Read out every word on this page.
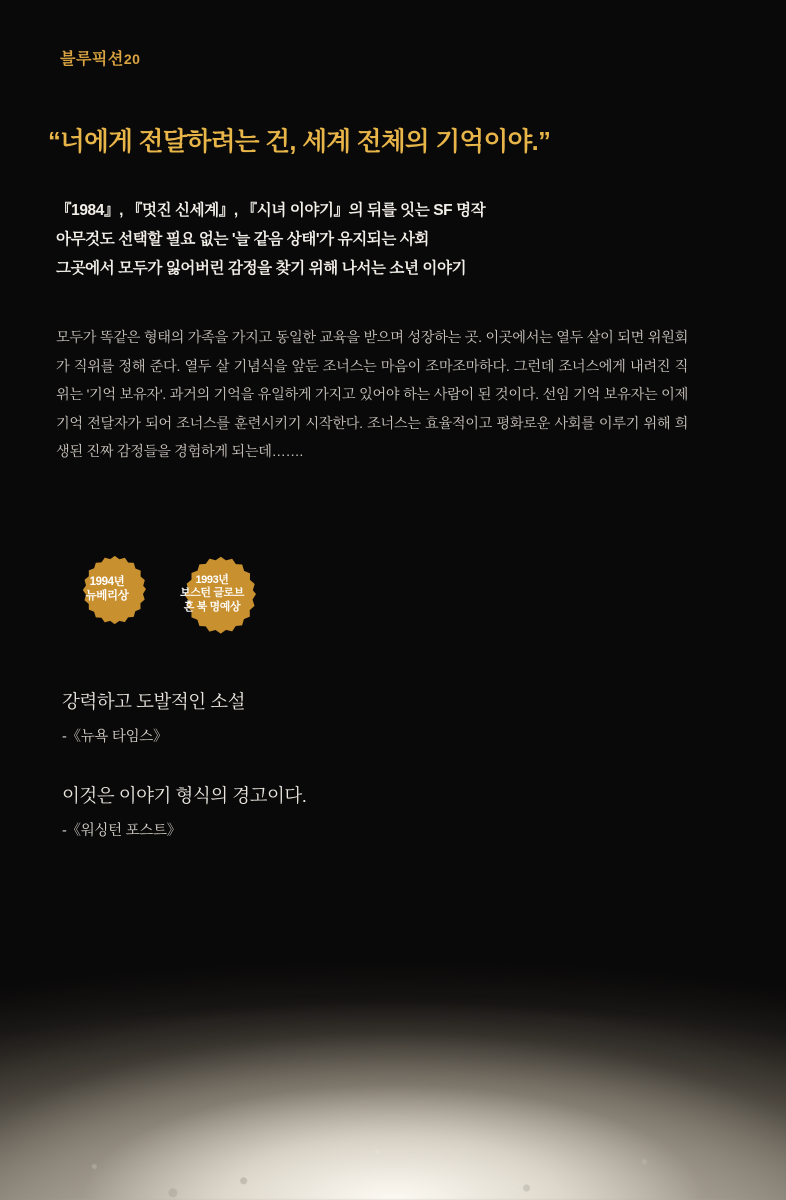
블루픽션20
“너에게 전달하려는 건, 세계 전체의 기억이야.”
『1984』, 『멋진 신세계』, 『시녀 이야기』의 뒤를 잇는 SF 명작
아무것도 선택할 필요 없는 '늘 같음 상태'가 유지되는 사회
그곳에서 모두가 잃어버린 감정을 찾기 위해 나서는 소년 이야기
모두가 똑같은 형태의 가족을 가지고 동일한 교육을 받으며 성장하는 곳. 이곳에서는 열두 살이 되면 위원회가 직위를 정해 준다. 열두 살 기념식을 앞둔 조너스는 마음이 조마조마하다. 그런데 조너스에게 내려진 직위는 '기억 보유자'. 과거의 기억을 유일하게 가지고 있어야 하는 사람이 된 것이다. 선임 기억 보유자는 이제 기억 전달자가 되어 조너스를 훈련시키기 시작한다. 조너스는 효율적이고 평화로운 사회를 이루기 위해 희생된 진짜 감정들을 경험하게 되는데…….
1994년
뉴베리상
1993년
보스턴 글로브
혼 북 명예상
강력하고 도발적인 소설
-《뉴욕 타임스》
이것은 이야기 형식의 경고이다.
-《워싱턴 포스트》
